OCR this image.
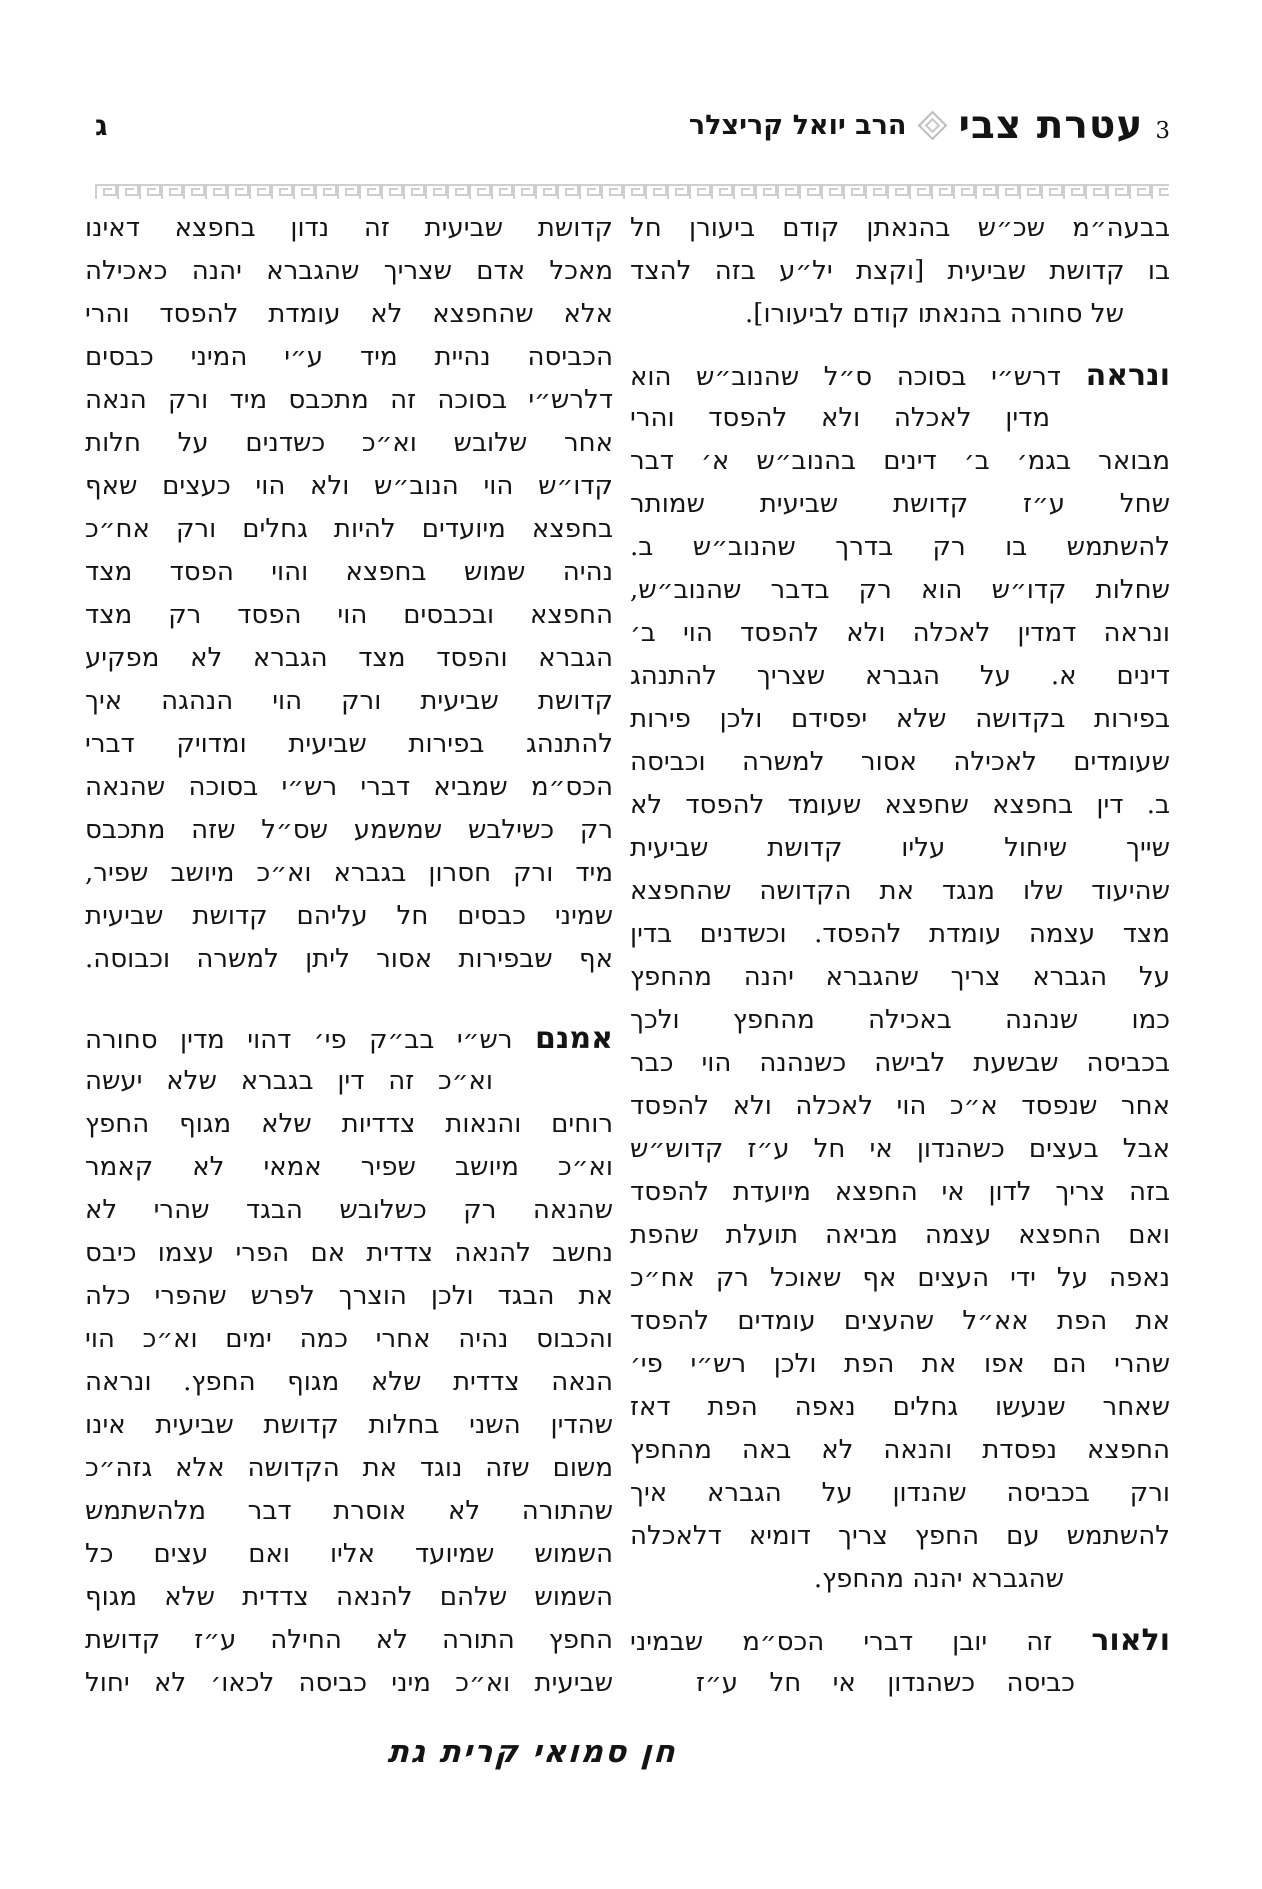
3
עטרת צבי
הרב יואל קריצלר
ג
בבעה״מ שכ״ש בהנאתן קודם ביעורן חל
בו קדושת שביעית [וקצת יל״ע בזה להצד
של סחורה בהנאתו קודם לביעורו].
ונראה דרש״י בסוכה ס״ל שהנוב״ש הוא
מדין לאכלה ולא להפסד והרי
מבואר בגמ׳ ב׳ דינים בהנוב״ש א׳ דבר
שחל ע״ז קדושת שביעית שמותר
להשתמש בו רק בדרך שהנוב״ש ב.
שחלות קדו״ש הוא רק בדבר שהנוב״ש,
ונראה דמדין לאכלה ולא להפסד הוי ב׳
דינים א. על הגברא שצריך להתנהג
בפירות בקדושה שלא יפסידם ולכן פירות
שעומדים לאכילה אסור למשרה וכביסה
ב. דין בחפצא שחפצא שעומד להפסד לא
שייך שיחול עליו קדושת שביעית
שהיעוד שלו מנגד את הקדושה שהחפצא
מצד עצמה עומדת להפסד. וכשדנים בדין
על הגברא צריך שהגברא יהנה מהחפץ
כמו שנהנה באכילה מהחפץ ולכך
בכביסה שבשעת לבישה כשנהנה הוי כבר
אחר שנפסד א״כ הוי לאכלה ולא להפסד
אבל בעצים כשהנדון אי חל ע״ז קדוש״ש
בזה צריך לדון אי החפצא מיועדת להפסד
ואם החפצא עצמה מביאה תועלת שהפת
נאפה על ידי העצים אף שאוכל רק אח״כ
את הפת אא״ל שהעצים עומדים להפסד
שהרי הם אפו את הפת ולכן רש״י פי׳
שאחר שנעשו גחלים נאפה הפת דאז
החפצא נפסדת והנאה לא באה מהחפץ
ורק בכביסה שהנדון על הגברא איך
להשתמש עם החפץ צריך דומיא דלאכלה
שהגברא יהנה מהחפץ.
ולאור זה יובן דברי הכס״מ שבמיני
כביסה כשהנדון אי חל ע״ז
קדושת שביעית זה נדון בחפצא דאינו
מאכל אדם שצריך שהגברא יהנה כאכילה
אלא שהחפצא לא עומדת להפסד והרי
הכביסה נהיית מיד ע״י המיני כבסים
דלרש״י בסוכה זה מתכבס מיד ורק הנאה
אחר שלובש וא״כ כשדנים על חלות
קדו״ש הוי הנוב״ש ולא הוי כעצים שאף
בחפצא מיועדים להיות גחלים ורק אח״כ
נהיה שמוש בחפצא והוי הפסד מצד
החפצא ובכבסים הוי הפסד רק מצד
הגברא והפסד מצד הגברא לא מפקיע
קדושת שביעית ורק הוי הנהגה איך
להתנהג בפירות שביעית ומדויק דברי
הכס״מ שמביא דברי רש״י בסוכה שהנאה
רק כשילבש שמשמע שס״ל שזה מתכבס
מיד ורק חסרון בגברא וא״כ מיושב שפיר,
שמיני כבסים חל עליהם קדושת שביעית
אף שבפירות אסור ליתן למשרה וכבוסה.
אמנם רש״י בב״ק פי׳ דהוי מדין סחורה
וא״כ זה דין בגברא שלא יעשה
רוחים והנאות צדדיות שלא מגוף החפץ
וא״כ מיושב שפיר אמאי לא קאמר
שהנאה רק כשלובש הבגד שהרי לא
נחשב להנאה צדדית אם הפרי עצמו כיבס
את הבגד ולכן הוצרך לפרש שהפרי כלה
והכבוס נהיה אחרי כמה ימים וא״כ הוי
הנאה צדדית שלא מגוף החפץ. ונראה
שהדין השני בחלות קדושת שביעית אינו
משום שזה נוגד את הקדושה אלא גזה״כ
שהתורה לא אוסרת דבר מלהשתמש
השמוש שמיועד אליו ואם עצים כל
השמוש שלהם להנאה צדדית שלא מגוף
החפץ התורה לא החילה ע״ז קדושת
שביעית וא״כ מיני כביסה לכאו׳ לא יחול
חן סמואי קרית גת
